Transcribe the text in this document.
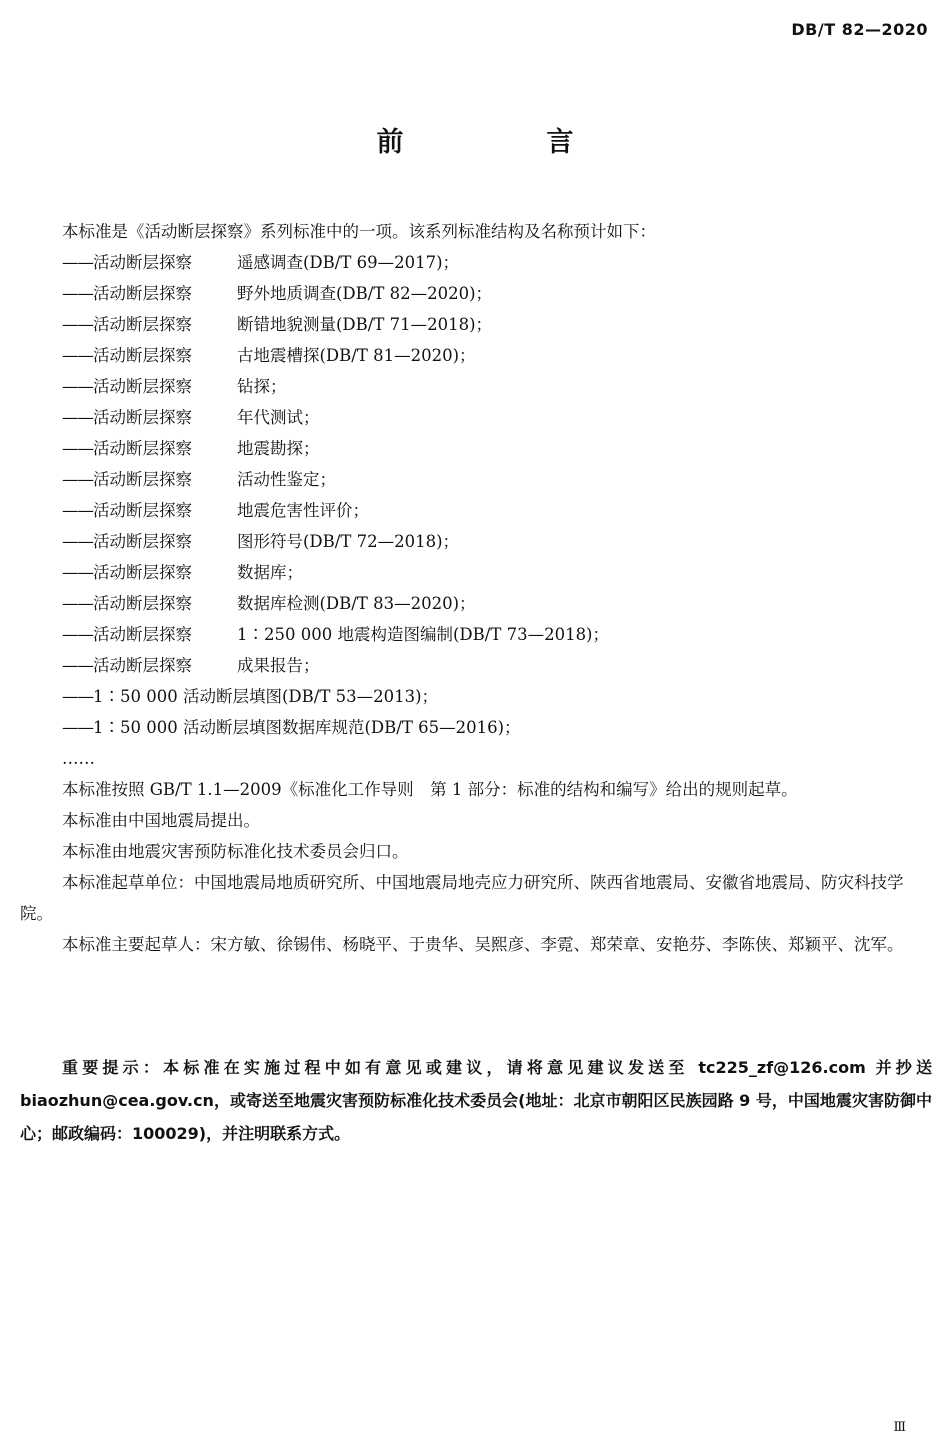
DB/T 82—2020
前　言

本标准是《活动断层探察》系列标准中的一项。该系列标准结构及名称预计如下：

——活动断层探察	遥感调查(DB/T 69—2017)；

——活动断层探察	野外地质调查(DB/T 82—2020)；

——活动断层探察	断错地貌测量(DB/T 71—2018)；

——活动断层探察	古地震槽探(DB/T 81—2020)；

——活动断层探察	钻探；

——活动断层探察	年代测试；

——活动断层探察	地震勘探；

——活动断层探察	活动性鉴定；

——活动断层探察	地震危害性评价；

——活动断层探察	图形符号(DB/T 72—2018)；

——活动断层探察	数据库；

——活动断层探察	数据库检测(DB/T 83—2020)；

——活动断层探察	1∶250 000 地震构造图编制(DB/T 73—2018)；

——活动断层探察	成果报告；

——1∶50 000 活动断层填图(DB/T 53—2013)；

——1∶50 000 活动断层填图数据库规范(DB/T 65—2016)；

……

本标准按照 GB/T 1.1—2009《标准化工作导则　第 1 部分：标准的结构和编写》给出的规则起草。

本标准由中国地震局提出。

本标准由地震灾害预防标准化技术委员会归口。

本标准起草单位：中国地震局地质研究所、中国地震局地壳应力研究所、陕西省地震局、安徽省地震局、防灾科技学院。

本标准主要起草人：宋方敏、徐锡伟、杨晓平、于贵华、吴熙彦、李霓、郑荣章、安艳芬、李陈侠、郑颖平、沈军。

重要提示：本标准在实施过程中如有意见或建议，请将意见建议发送至 tc225_zf@126.com 并抄送 biaozhun@cea.gov.cn，或寄送至地震灾害预防标准化技术委员会(地址：北京市朝阳区民族园路 9 号，中国地震灾害防御中心；邮政编码：100029)，并注明联系方式。
Ⅲ
